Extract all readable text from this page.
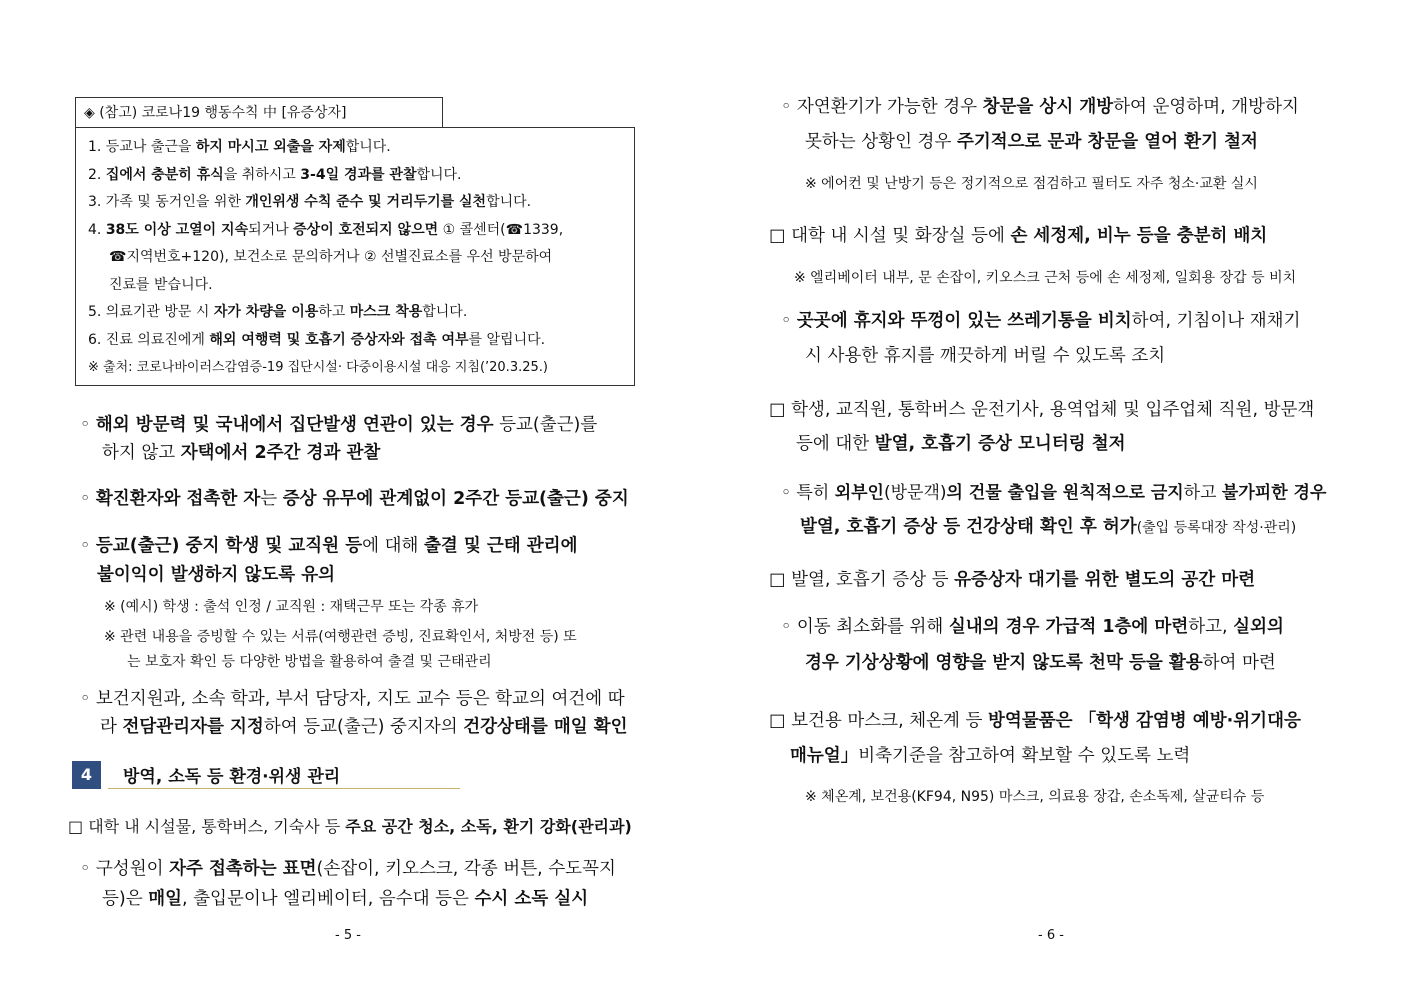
◈ (참고) 코로나19 행동수칙 中 [유증상자]
1. 등교나 출근을 하지 마시고 외출을 자제합니다.
2. 집에서 충분히 휴식을 취하시고 3-4일 경과를 관찰합니다.
3. 가족 및 동거인을 위한 개인위생 수칙 준수 및 거리두기를 실천합니다.
4. 38도 이상 고열이 지속되거나 증상이 호전되지 않으면 ① 콜센터(☎1339,
☎지역번호+120), 보건소로 문의하거나 ② 선별진료소를 우선 방문하여
진료를 받습니다.
5. 의료기관 방문 시 자가 차량을 이용하고 마스크 착용합니다.
6. 진료 의료진에게 해외 여행력 및 호흡기 증상자와 접촉 여부를 알립니다.
※ 출처: 코로나바이러스감염증-19 집단시설· 다중이용시설 대응 지침(’20.3.25.)
◦ 해외 방문력 및 국내에서 집단발생 연관이 있는 경우 등교(출근)를
하지 않고 자택에서 2주간 경과 관찰
◦ 확진환자와 접촉한 자는 증상 유무에 관계없이 2주간 등교(출근) 중지
◦ 등교(출근) 중지 학생 및 교직원 등에 대해 출결 및 근태 관리에
불이익이 발생하지 않도록 유의
※ (예시) 학생 : 출석 인정 / 교직원 : 재택근무 또는 각종 휴가
※ 관련 내용을 증빙할 수 있는 서류(여행관련 증빙, 진료확인서, 처방전 등) 또
는 보호자 확인 등 다양한 방법을 활용하여 출결 및 근태관리
◦ 보건지원과, 소속 학과, 부서 담당자, 지도 교수 등은 학교의 여건에 따
라 전담관리자를 지정하여 등교(출근) 중지자의 건강상태를 매일 확인
4	방역, 소독 등 환경·위생 관리
□ 대학 내 시설물, 통학버스, 기숙사 등 주요 공간 청소, 소독, 환기 강화(관리과)
◦ 구성원이 자주 접촉하는 표면(손잡이, 키오스크, 각종 버튼, 수도꼭지
등)은 매일, 출입문이나 엘리베이터, 음수대 등은 수시 소독 실시
- 5 -
◦ 자연환기가 가능한 경우 창문을 상시 개방하여 운영하며, 개방하지
못하는 상황인 경우 주기적으로 문과 창문을 열어 환기 철저
※ 에어컨 및 난방기 등은 정기적으로 점검하고 필터도 자주 청소·교환 실시
□ 대학 내 시설 및 화장실 등에 손 세정제, 비누 등을 충분히 배치
※ 엘리베이터 내부, 문 손잡이, 키오스크 근처 등에 손 세정제, 일회용 장갑 등 비치
◦ 곳곳에 휴지와 뚜껑이 있는 쓰레기통을 비치하여, 기침이나 재채기
시 사용한 휴지를 깨끗하게 버릴 수 있도록 조치
□ 학생, 교직원, 통학버스 운전기사, 용역업체 및 입주업체 직원, 방문객
등에 대한 발열, 호흡기 증상 모니터링 철저
◦ 특히 외부인(방문객)의 건물 출입을 원칙적으로 금지하고 불가피한 경우
발열, 호흡기 증상 등 건강상태 확인 후 허가(출입 등록대장 작성·관리)
□ 발열, 호흡기 증상 등 유증상자 대기를 위한 별도의 공간 마련
◦ 이동 최소화를 위해 실내의 경우 가급적 1층에 마련하고, 실외의
경우 기상상황에 영향을 받지 않도록 천막 등을 활용하여 마련
□ 보건용 마스크, 체온계 등 방역물품은 「학생 감염병 예방·위기대응
매뉴얼」비축기준을 참고하여 확보할 수 있도록 노력
※ 체온계, 보건용(KF94, N95) 마스크, 의료용 장갑, 손소독제, 살균티슈 등
- 6 -
